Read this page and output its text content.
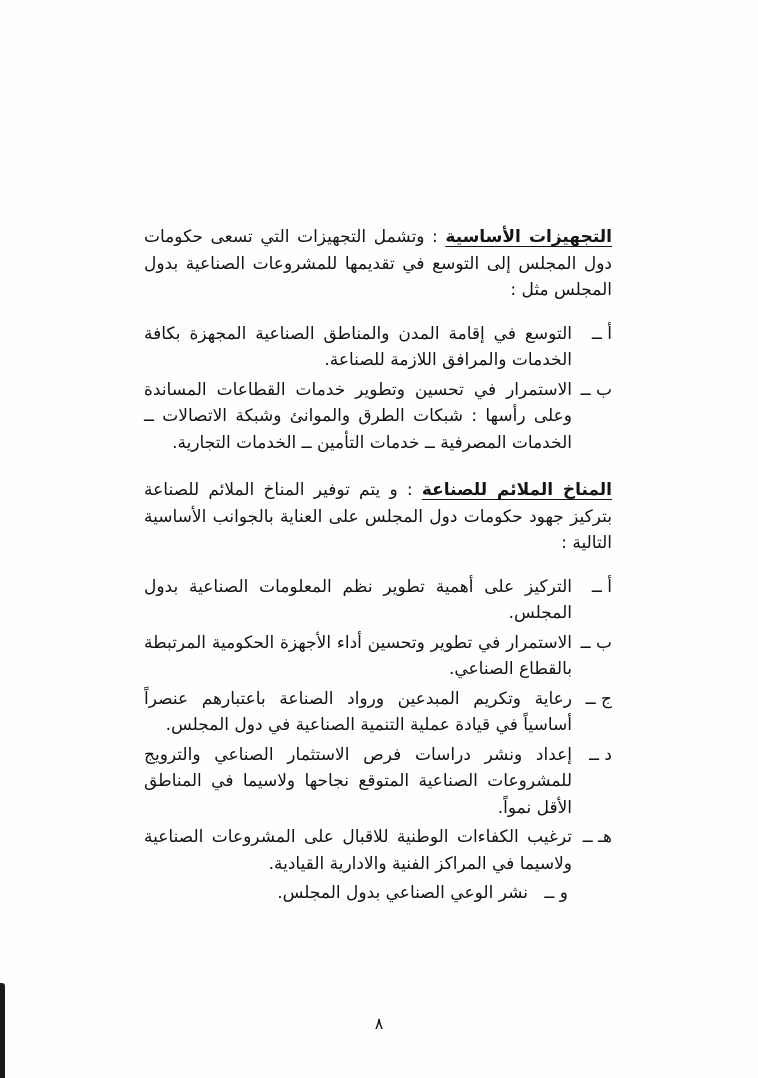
التجهيزات الأساسية : وتشمل التجهيزات التي تسعى حكومات دول المجلس إلى التوسع في تقديمها للمشروعات الصناعية بدول المجلس مثل :

أ ــ
التوسع في إقامة المدن والمناطق الصناعية المجهزة بكافة الخدمات والمرافق اللازمة للصناعة.
ب ــ
الاستمرار في تحسين وتطوير خدمات القطاعات المساندة وعلى رأسها : شبكات الطرق والموانئ وشبكة الاتصالات ــ الخدمات المصرفية ــ خدمات التأمين ــ الخدمات التجارية.

المناخ الملائم للصناعة : و يتم توفير المناخ الملائم للصناعة بتركيز جهود حكومات دول المجلس على العناية بالجوانب الأساسية التالية :

أ ــ
التركيز على أهمية تطوير نظم المعلومات الصناعية بدول المجلس.
ب ــ
الاستمرار في تطوير وتحسين أداء الأجهزة الحكومية المرتبطة بالقطاع الصناعي.
ج ــ
رعاية وتكريم المبدعين ورواد الصناعة باعتبارهم عنصراً أساسياً في قيادة عملية التنمية الصناعية في دول المجلس.
د ــ
إعداد ونشر دراسات فرص الاستثمار الصناعي والترويج للمشروعات الصناعية المتوقع نجاحها ولاسيما في المناطق الأقل نمواً.
هـ ــ
ترغيب الكفاءات الوطنية للاقبال على المشروعات الصناعية ولاسيما في المراكز الفنية والادارية القيادية.
و ــ
نشر الوعي الصناعي بدول المجلس.
٨
